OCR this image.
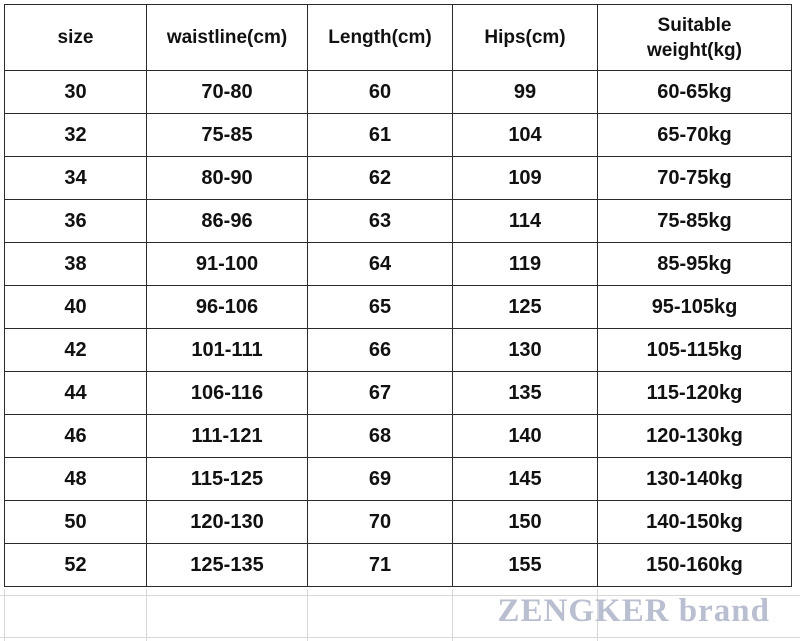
size	waistline(cm)	Length(cm)	Hips(cm)	Suitable weight(kg)
30	70-80	60	99	60-65kg
32	75-85	61	104	65-70kg
34	80-90	62	109	70-75kg
36	86-96	63	114	75-85kg
38	91-100	64	119	85-95kg
40	96-106	65	125	95-105kg
42	101-111	66	130	105-115kg
44	106-116	67	135	115-120kg
46	111-121	68	140	120-130kg
48	115-125	69	145	130-140kg
50	120-130	70	150	140-150kg
52	125-135	71	155	150-160kg
ZENGKER brand
